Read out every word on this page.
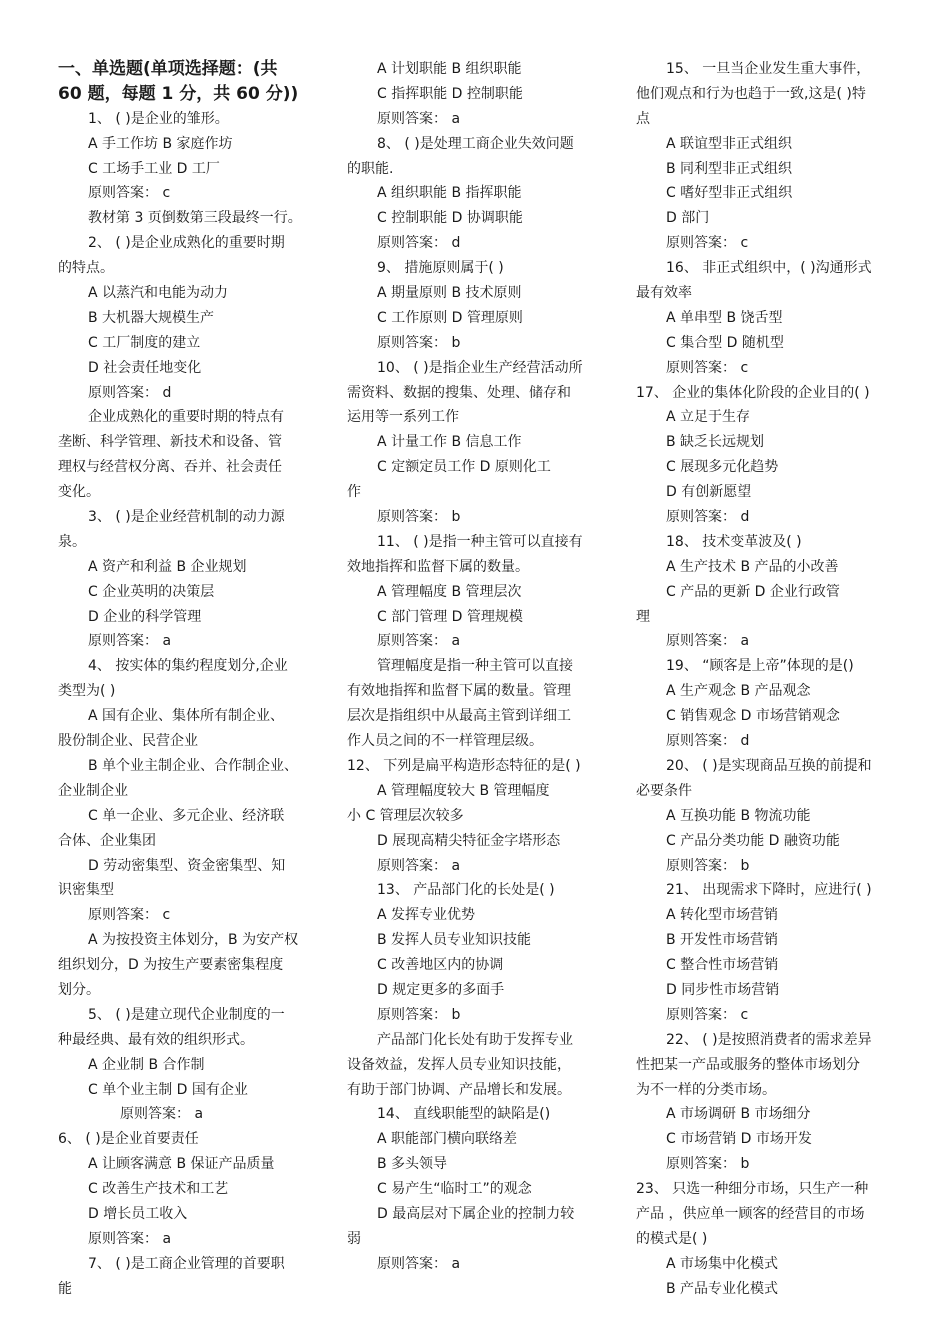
一、单选题(单项选择题：(共
60 题，每题 1 分，共 60 分))
1、 ( )是企业的雏形。
A 手工作坊 B 家庭作坊
C 工场手工业 D 工厂
原则答案： c
教材第 3 页倒数第三段最终一行。
2、 ( )是企业成熟化的重要时期
的特点。
A 以蒸汽和电能为动力
B 大机器大规模生产
C 工厂制度的建立
D 社会责任地变化
原则答案： d
企业成熟化的重要时期的特点有
垄断、科学管理、新技术和设备、管
理权与经营权分离、吞并、社会责任
变化。
3、 ( )是企业经营机制的动力源
泉。
A 资产和利益 B 企业规划
C 企业英明的决策层
D 企业的科学管理
原则答案： a
4、 按实体的集约程度划分,企业
类型为( )
A 国有企业、集体所有制企业、
股份制企业、民营企业
B 单个业主制企业、合作制企业、
企业制企业
C 单一企业、多元企业、经济联
合体、企业集团
D 劳动密集型、资金密集型、知
识密集型
原则答案： c
A 为按投资主体划分，B 为安产权
组织划分，D 为按生产要素密集程度
划分。
5、 ( )是建立现代企业制度的一
种最经典、最有效的组织形式。
A 企业制 B 合作制
C 单个业主制 D 国有企业
原则答案： a
6、 ( )是企业首要责任
A 让顾客满意 B 保证产品质量
C 改善生产技术和工艺
D 增长员工收入
原则答案： a
7、 ( )是工商企业管理的首要职
能
A 计划职能 B 组织职能
C 指挥职能 D 控制职能
原则答案： a
8、 ( )是处理工商企业失效问题
的职能.
A 组织职能 B 指挥职能
C 控制职能 D 协调职能
原则答案： d
9、 措施原则属于( )
A 期量原则 B 技术原则
C 工作原则 D 管理原则
原则答案： b
10、 ( )是指企业生产经营活动所
需资料、数据的搜集、处理、储存和
运用等一系列工作
A 计量工作 B 信息工作
C 定额定员工作 D 原则化工
作
原则答案： b
11、 ( )是指一种主管可以直接有
效地指挥和监督下属的数量。
A 管理幅度 B 管理层次
C 部门管理 D 管理规模
原则答案： a
管理幅度是指一种主管可以直接
有效地指挥和监督下属的数量。管理
层次是指组织中从最高主管到详细工
作人员之间的不一样管理层级。
12、 下列是扁平构造形态特征的是( )
A 管理幅度较大 B 管理幅度
小 C 管理层次较多
D 展现高精尖特征金字塔形态
原则答案： a
13、 产品部门化的长处是( )
A 发挥专业优势
B 发挥人员专业知识技能
C 改善地区内的协调
D 规定更多的多面手
原则答案： b
产品部门化长处有助于发挥专业
设备效益，发挥人员专业知识技能，
有助于部门协调、产品增长和发展。
14、 直线职能型的缺陷是()
A 职能部门横向联络差
B 多头领导
C 易产生“临时工”的观念
D 最高层对下属企业的控制力较
弱
原则答案： a
15、 一旦当企业发生重大事件，
他们观点和行为也趋于一致,这是( )特
点
A 联谊型非正式组织
B 同利型非正式组织
C 嗜好型非正式组织
D 部门
原则答案： c
16、 非正式组织中，( )沟通形式
最有效率
A 单串型 B 饶舌型
C 集合型 D 随机型
原则答案： c
17、 企业的集体化阶段的企业目的( )
A 立足于生存
B 缺乏长远规划
C 展现多元化趋势
D 有创新愿望
原则答案： d
18、 技术变革波及( )
A 生产技术 B 产品的小改善
C 产品的更新 D 企业行政管
理
原则答案： a
19、 “顾客是上帝”体现的是()
A 生产观念 B 产品观念
C 销售观念 D 市场营销观念
原则答案： d
20、 ( )是实现商品互换的前提和
必要条件
A 互换功能 B 物流功能
C 产品分类功能 D 融资功能
原则答案： b
21、 出现需求下降时，应进行( )
A 转化型市场营销
B 开发性市场营销
C 整合性市场营销
D 同步性市场营销
原则答案： c
22、 ( )是按照消费者的需求差异
性把某一产品或服务的整体市场划分
为不一样的分类市场。
A 市场调研 B 市场细分
C 市场营销 D 市场开发
原则答案： b
23、 只选一种细分市场，只生产一种
产品 ，供应单一顾客的经营目的市场
的模式是( )
A 市场集中化模式
B 产品专业化模式
